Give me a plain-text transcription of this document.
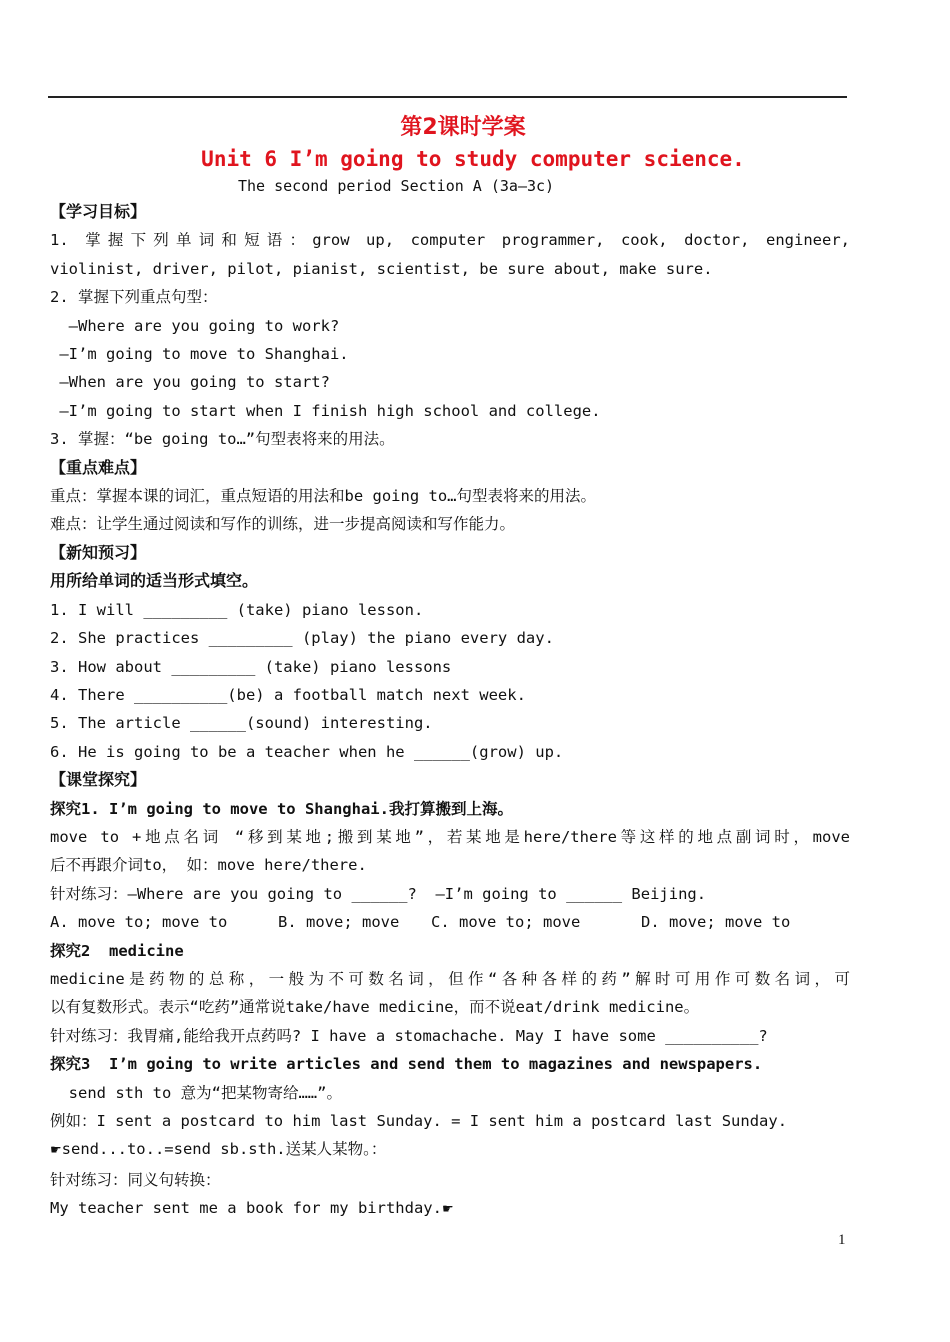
第2课时学案
Unit 6 I’m going to study computer science.
The second period Section A (3a—3c)
【学习目标】
1. 掌握下列单词和短语：grow up, computer programmer, cook, doctor, engineer,
violinist, driver, pilot, pianist, scientist, be sure about, make sure.
2. 掌握下列重点句型：
—Where are you going to work?
—I’m going to move to Shanghai.
—When are you going to start?
—I’m going to start when I finish high school and college.
3. 掌握：“be going to…”句型表将来的用法。
【重点难点】
重点：掌握本课的词汇，重点短语的用法和be going to…句型表将来的用法。
难点：让学生通过阅读和写作的训练，进一步提高阅读和写作能力。
【新知预习】
用所给单词的适当形式填空。
1. I will _________ (take) piano lesson.
2. She practices _________ (play) the piano every day.
3. How about _________ (take) piano lessons
4. There __________(be) a football match next week.
5. The article ______(sound) interesting.
6. He is going to be a teacher when he ______(grow) up.
【课堂探究】
探究1. I’m going to move to Shanghai.我打算搬到上海。
move to +地点名词 “移到某地;搬到某地”，若某地是here/there等这样的地点副词时，move
后不再跟介词to， 如：move here/there.
针对练习：—Where are you going to ______?  —I’m going to ______ Beijing.
A. move to; move to	B. move; move	C. move to; move	D. move; move to
探究2  medicine
medicine是药物的总称，一般为不可数名词，但作“各种各样的药”解时可用作可数名词，可
以有复数形式。表示“吃药”通常说take/have medicine，而不说eat/drink medicine。
针对练习：我胃痛,能给我开点药吗? I have a stomachache. May I have some __________?
探究3  I’m going to write articles and send them to magazines and newspapers.
send sth to 意为“把某物寄给……”。
例如：I sent a postcard to him last Sunday. = I sent him a postcard last Sunday.
☛send...to..=send sb.sth.送某人某物。：
针对练习：同义句转换：
My teacher sent me a book for my birthday.☛
1
